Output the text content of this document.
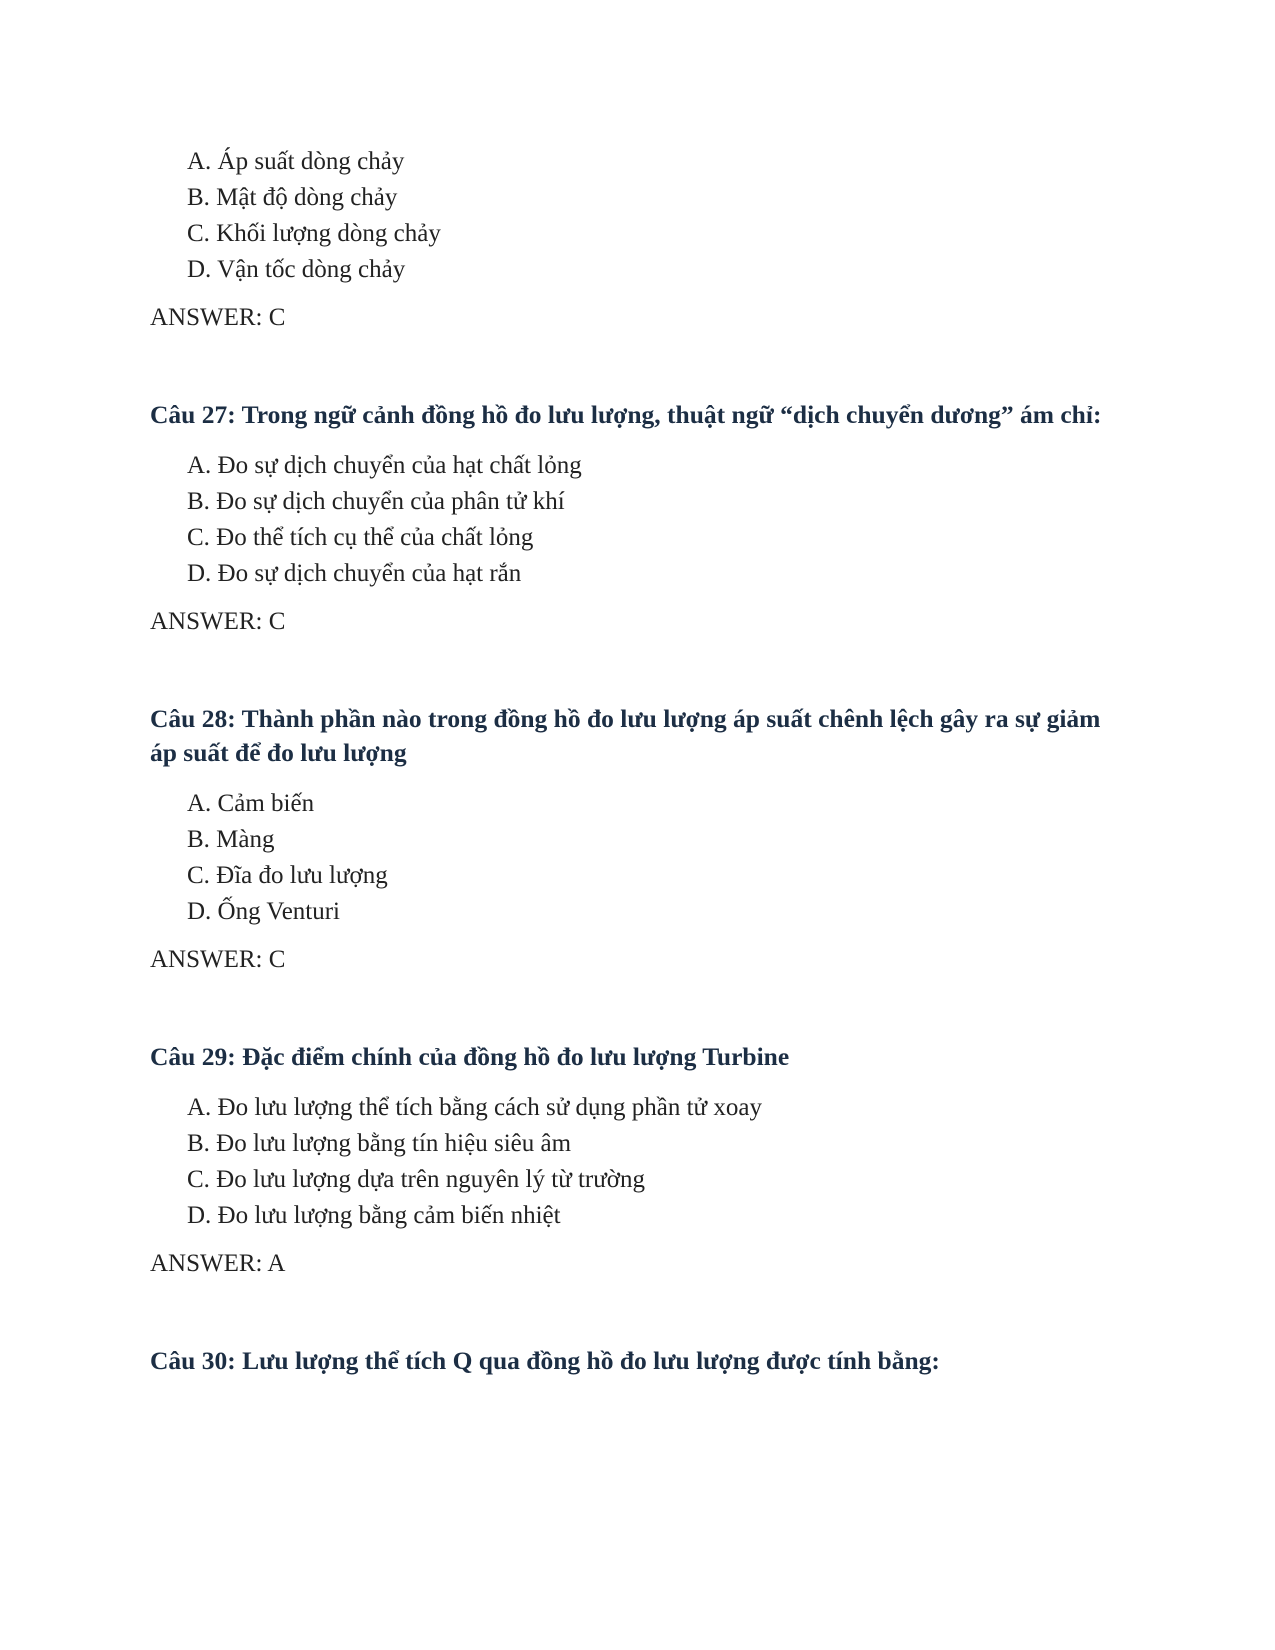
A. Áp suất dòng chảy
B. Mật độ dòng chảy
C. Khối lượng dòng chảy
D. Vận tốc dòng chảy

ANSWER: C

Câu 27: Trong ngữ cảnh đồng hồ đo lưu lượng, thuật ngữ “dịch chuyển dương” ám chỉ:

A. Đo sự dịch chuyển của hạt chất lỏng
B. Đo sự dịch chuyển của phân tử khí
C. Đo thể tích cụ thể của chất lỏng
D. Đo sự dịch chuyển của hạt rắn

ANSWER: C

Câu 28: Thành phần nào trong đồng hồ đo lưu lượng áp suất chênh lệch gây ra sự giảm áp suất để đo lưu lượng

A. Cảm biến
B. Màng
C. Đĩa đo lưu lượng
D. Ống Venturi

ANSWER: C

Câu 29: Đặc điểm chính của đồng hồ đo lưu lượng Turbine

A. Đo lưu lượng thể tích bằng cách sử dụng phần tử xoay
B. Đo lưu lượng bằng tín hiệu siêu âm
C. Đo lưu lượng dựa trên nguyên lý từ trường
D. Đo lưu lượng bằng cảm biến nhiệt

ANSWER: A

Câu 30: Lưu lượng thể tích Q qua đồng hồ đo lưu lượng được tính bằng:
